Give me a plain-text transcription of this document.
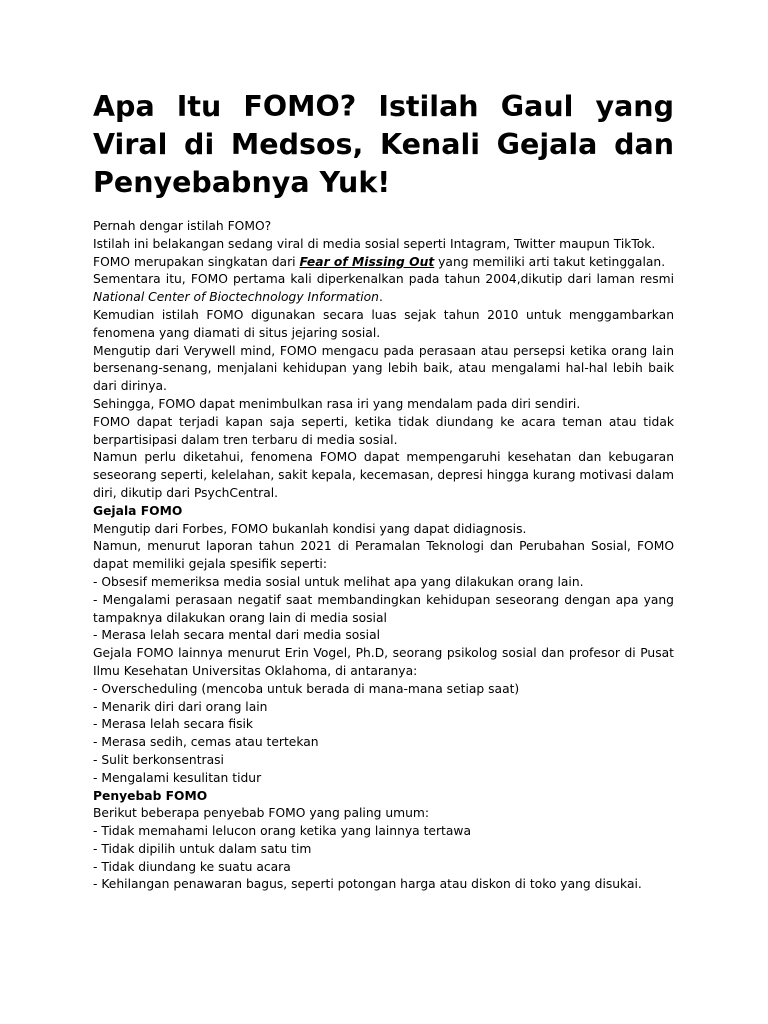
Apa Itu FOMO? Istilah Gaul yang Viral di Medsos, Kenali Gejala dan Penyebabnya Yuk!

Pernah dengar istilah FOMO?

Istilah ini belakangan sedang viral di media sosial seperti Intagram, Twitter maupun TikTok.

FOMO merupakan singkatan dari Fear of Missing Out yang memiliki arti takut ketinggalan.

Sementara itu, FOMO pertama kali diperkenalkan pada tahun 2004,dikutip dari laman resmi National Center of Bioctechnology Information.

Kemudian istilah FOMO digunakan secara luas sejak tahun 2010 untuk menggambarkan fenomena yang diamati di situs jejaring sosial.

Mengutip dari Verywell mind, FOMO mengacu pada perasaan atau persepsi ketika orang lain bersenang-senang, menjalani kehidupan yang lebih baik, atau mengalami hal-hal lebih baik dari dirinya.

Sehingga, FOMO dapat menimbulkan rasa iri yang mendalam pada diri sendiri.

FOMO dapat terjadi kapan saja seperti, ketika tidak diundang ke acara teman atau tidak berpartisipasi dalam tren terbaru di media sosial.

Namun perlu diketahui, fenomena FOMO dapat mempengaruhi kesehatan dan kebugaran seseorang seperti, kelelahan, sakit kepala, kecemasan, depresi hingga kurang motivasi dalam diri, dikutip dari PsychCentral.

Gejala FOMO

Mengutip dari Forbes, FOMO bukanlah kondisi yang dapat didiagnosis.

Namun, menurut laporan tahun 2021 di Peramalan Teknologi dan Perubahan Sosial, FOMO dapat memiliki gejala spesifik seperti:

- Obsesif memeriksa media sosial untuk melihat apa yang dilakukan orang lain.

- Mengalami perasaan negatif saat membandingkan kehidupan seseorang dengan apa yang tampaknya dilakukan orang lain di media sosial

- Merasa lelah secara mental dari media sosial

Gejala FOMO lainnya menurut Erin Vogel, Ph.D, seorang psikolog sosial dan profesor di Pusat Ilmu Kesehatan Universitas Oklahoma, di antaranya:

- Overscheduling (mencoba untuk berada di mana-mana setiap saat)

- Menarik diri dari orang lain

- Merasa lelah secara fisik

- Merasa sedih, cemas atau tertekan

- Sulit berkonsentrasi

- Mengalami kesulitan tidur

Penyebab FOMO

Berikut beberapa penyebab FOMO yang paling umum:

- Tidak memahami lelucon orang ketika yang lainnya tertawa

- Tidak dipilih untuk dalam satu tim

- Tidak diundang ke suatu acara

- Kehilangan penawaran bagus, seperti potongan harga atau diskon di toko yang disukai.
